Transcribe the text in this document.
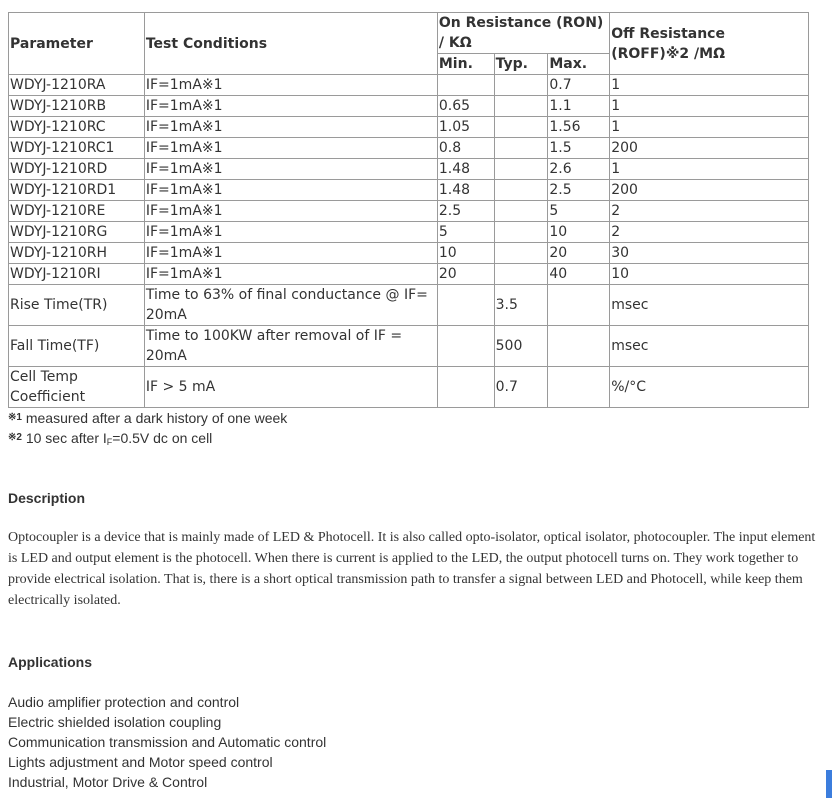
Parameter	Test Conditions	On Resistance (RON) / KΩ			Off Resistance (ROFF)※2 /MΩ
		Min.	Typ.	Max.	
WDYJ-1210RA	IF=1mA※1			0.7	1
WDYJ-1210RB	IF=1mA※1	0.65		1.1	1
WDYJ-1210RC	IF=1mA※1	1.05		1.56	1
WDYJ-1210RC1	IF=1mA※1	0.8		1.5	200
WDYJ-1210RD	IF=1mA※1	1.48		2.6	1
WDYJ-1210RD1	IF=1mA※1	1.48		2.5	200
WDYJ-1210RE	IF=1mA※1	2.5		5	2
WDYJ-1210RG	IF=1mA※1	5		10	2
WDYJ-1210RH	IF=1mA※1	10		20	30
WDYJ-1210RI	IF=1mA※1	20		40	10
Rise Time(TR)	Time to 63% of final conductance @ IF= 20mA		3.5		msec
Fall Time(TF)	Time to 100KW after removal of IF = 20mA		500		msec
Cell Temp Coefficient	IF > 5 mA		0.7		%/°C
$^{※1}$ measured after a dark history of one week
$^{※2}$ 10 sec after $I_F=0.5V$ dc on cell
Description

Optocoupler is a device that is mainly made of LED & Photocell. It is also called opto-isolator, optical isolator, photocoupler. The input element is LED and output element is the photocell. When there is current is applied to the LED, the output photocell turns on. They work together to provide electrical isolation. That is, there is a short optical transmission path to transfer a signal between LED and Photocell, while keep them electrically isolated.

Applications
Audio amplifier protection and control
Electric shielded isolation coupling
Communication transmission and Automatic control
Lights adjustment and Motor speed control
Industrial, Motor Drive & Control
